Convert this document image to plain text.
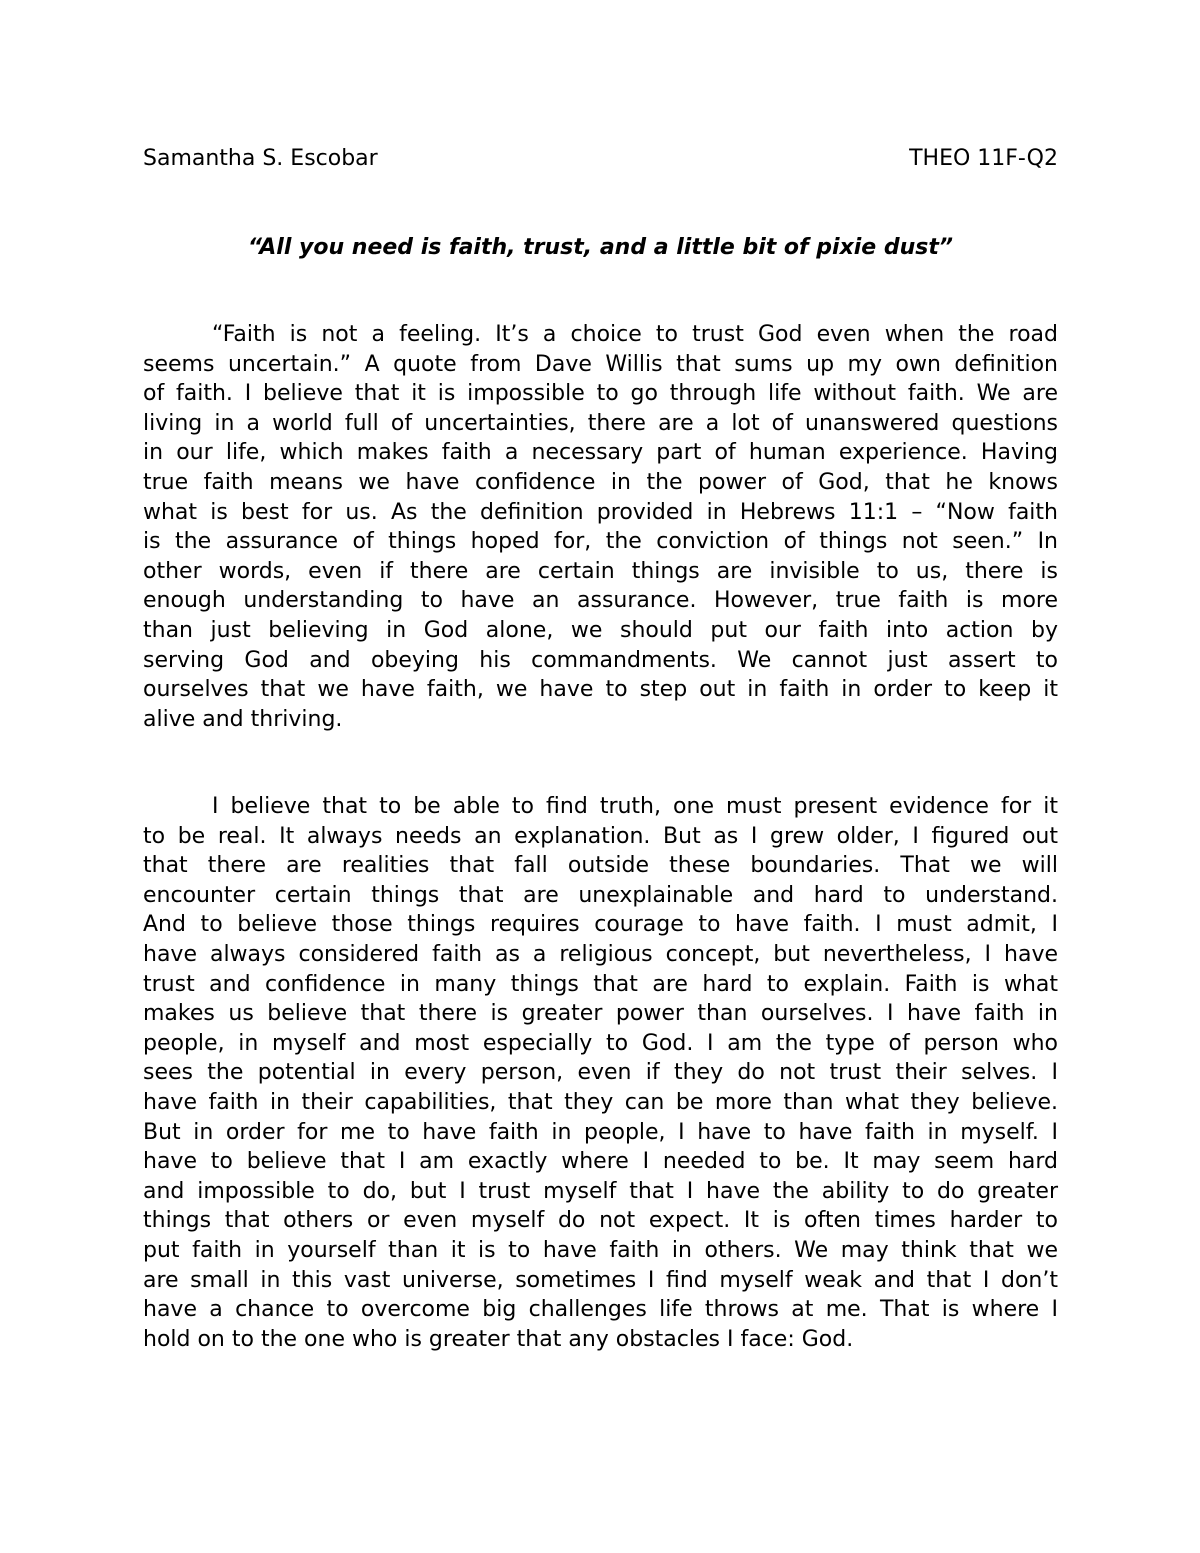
Samantha S. Escobar	THEO 11F-Q2
“All you need is faith, trust, and a little bit of pixie dust”
“Faith is not a feeling. It’s a choice to trust God even when the road
seems uncertain.” A quote from Dave Willis that sums up my own definition
of faith. I believe that it is impossible to go through life without faith. We are
living in a world full of uncertainties, there are a lot of unanswered questions
in our life, which makes faith a necessary part of human experience. Having
true faith means we have confidence in the power of God, that he knows
what is best for us. As the definition provided in Hebrews 11:1 – “Now faith
is the assurance of things hoped for, the conviction of things not seen.” In
other words, even if there are certain things are invisible to us, there is
enough understanding to have an assurance. However, true faith is more
than just believing in God alone, we should put our faith into action by
serving God and obeying his commandments. We cannot just assert to
ourselves that we have faith, we have to step out in faith in order to keep it
alive and thriving.
I believe that to be able to find truth, one must present evidence for it
to be real. It always needs an explanation. But as I grew older, I figured out
that there are realities that fall outside these boundaries. That we will
encounter certain things that are unexplainable and hard to understand.
And to believe those things requires courage to have faith. I must admit, I
have always considered faith as a religious concept, but nevertheless, I have
trust and confidence in many things that are hard to explain. Faith is what
makes us believe that there is greater power than ourselves. I have faith in
people, in myself and most especially to God. I am the type of person who
sees the potential in every person, even if they do not trust their selves. I
have faith in their capabilities, that they can be more than what they believe.
But in order for me to have faith in people, I have to have faith in myself. I
have to believe that I am exactly where I needed to be. It may seem hard
and impossible to do, but I trust myself that I have the ability to do greater
things that others or even myself do not expect. It is often times harder to
put faith in yourself than it is to have faith in others. We may think that we
are small in this vast universe, sometimes I find myself weak and that I don’t
have a chance to overcome big challenges life throws at me. That is where I
hold on to the one who is greater that any obstacles I face: God.
